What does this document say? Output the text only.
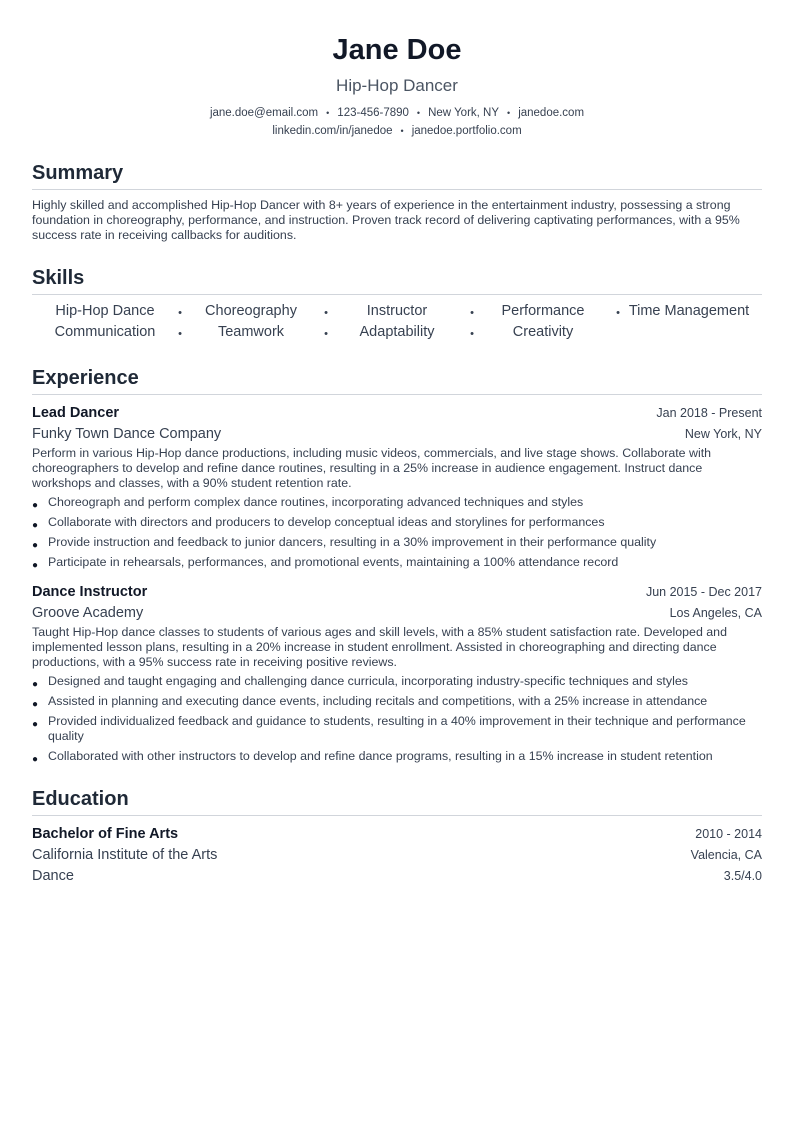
Jane Doe
Hip-Hop Dancer
jane.doe@email.com • 123-456-7890 • New York, NY • janedoe.com
linkedin.com/in/janedoe • janedoe.portfolio.com
Summary
Highly skilled and accomplished Hip-Hop Dancer with 8+ years of experience in the entertainment industry, possessing a strong foundation in choreography, performance, and instruction. Proven track record of delivering captivating performances, with a 95% success rate in receiving callbacks for auditions.
Skills
Hip-Hop Dance •	Choreography •	Instructor	•	Performance	• Time Management
Communication •	Teamwork	•	Adaptability	•	Creativity
Experience
Lead Dancer	Jan 2018 - Present
Funky Town Dance Company	New York, NY
Perform in various Hip-Hop dance productions, including music videos, commercials, and live stage shows. Collaborate with choreographers to develop and refine dance routines, resulting in a 25% increase in audience engagement. Instruct dance workshops and classes, with a 90% student retention rate.
● Choreograph and perform complex dance routines, incorporating advanced techniques and styles
● Collaborate with directors and producers to develop conceptual ideas and storylines for performances
● Provide instruction and feedback to junior dancers, resulting in a 30% improvement in their performance quality
● Participate in rehearsals, performances, and promotional events, maintaining a 100% attendance record
Dance Instructor	Jun 2015 - Dec 2017
Groove Academy	Los Angeles, CA
Taught Hip-Hop dance classes to students of various ages and skill levels, with a 85% student satisfaction rate. Developed and implemented lesson plans, resulting in a 20% increase in student enrollment. Assisted in choreographing and directing dance productions, with a 95% success rate in receiving positive reviews.
● Designed and taught engaging and challenging dance curricula, incorporating industry-specific techniques and styles
● Assisted in planning and executing dance events, including recitals and competitions, with a 25% increase in attendance
● Provided individualized feedback and guidance to students, resulting in a 40% improvement in their technique and performance quality
● Collaborated with other instructors to develop and refine dance programs, resulting in a 15% increase in student retention
Education
Bachelor of Fine Arts	2010 - 2014
California Institute of the Arts	Valencia, CA
Dance	3.5/4.0
